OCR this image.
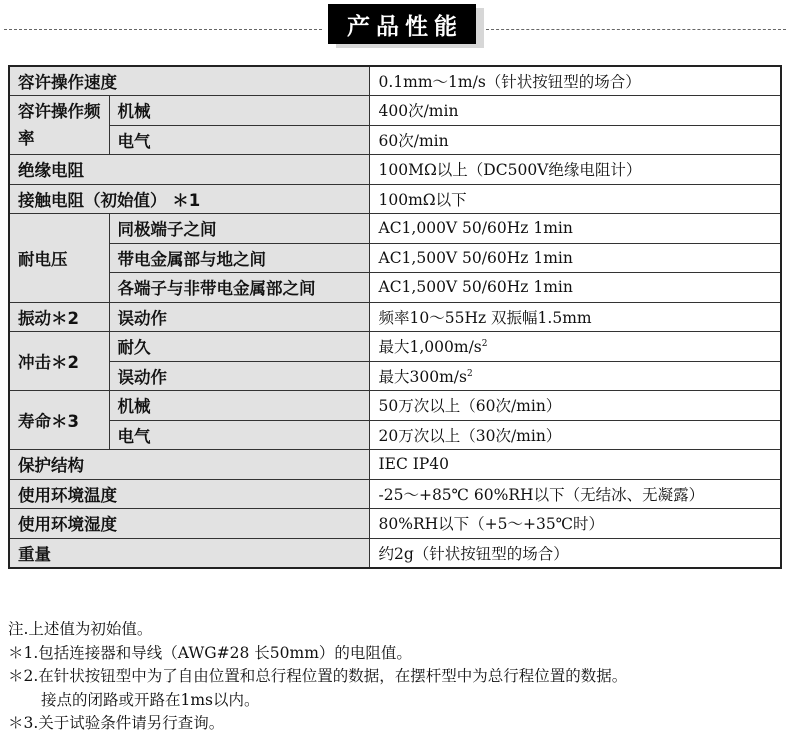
产品性能
容许操作速度		0.1mm～1m/s（针状按钮型的场合）
容许操作频率	机械	400次/min
	电气	60次/min
绝缘电阻		100MΩ以上（DC500V绝缘电阻计）
接触电阻（初始值） ＊1		100mΩ以下
耐电压	同极端子之间	AC1,000V 50/60Hz 1min
	带电金属部与地之间	AC1,500V 50/60Hz 1min
	各端子与非带电金属部之间	AC1,500V 50/60Hz 1min
振动＊2	误动作	频率10～55Hz 双振幅1.5mm
冲击＊2	耐久	最大$1,000m/s^2$
	误动作	最大$300m/s^2$
寿命＊3	机械	50万次以上（60次/min）
	电气	20万次以上（30次/min）
保护结构		IEC IP40
使用环境温度		-25～+85℃ 60%RH以下（无结冰、无凝露）
使用环境湿度		80%RH以下（+5～+35℃时）
重量		约2g（针状按钮型的场合）
注.上述值为初始值。
＊1.包括连接器和导线（AWG#28 长50mm）的电阻值。
＊2.在针状按钮型中为了自由位置和总行程位置的数据，在摆杆型中为总行程位置的数据。
接点的闭路或开路在1ms以内。
＊3.关于试验条件请另行查询。
